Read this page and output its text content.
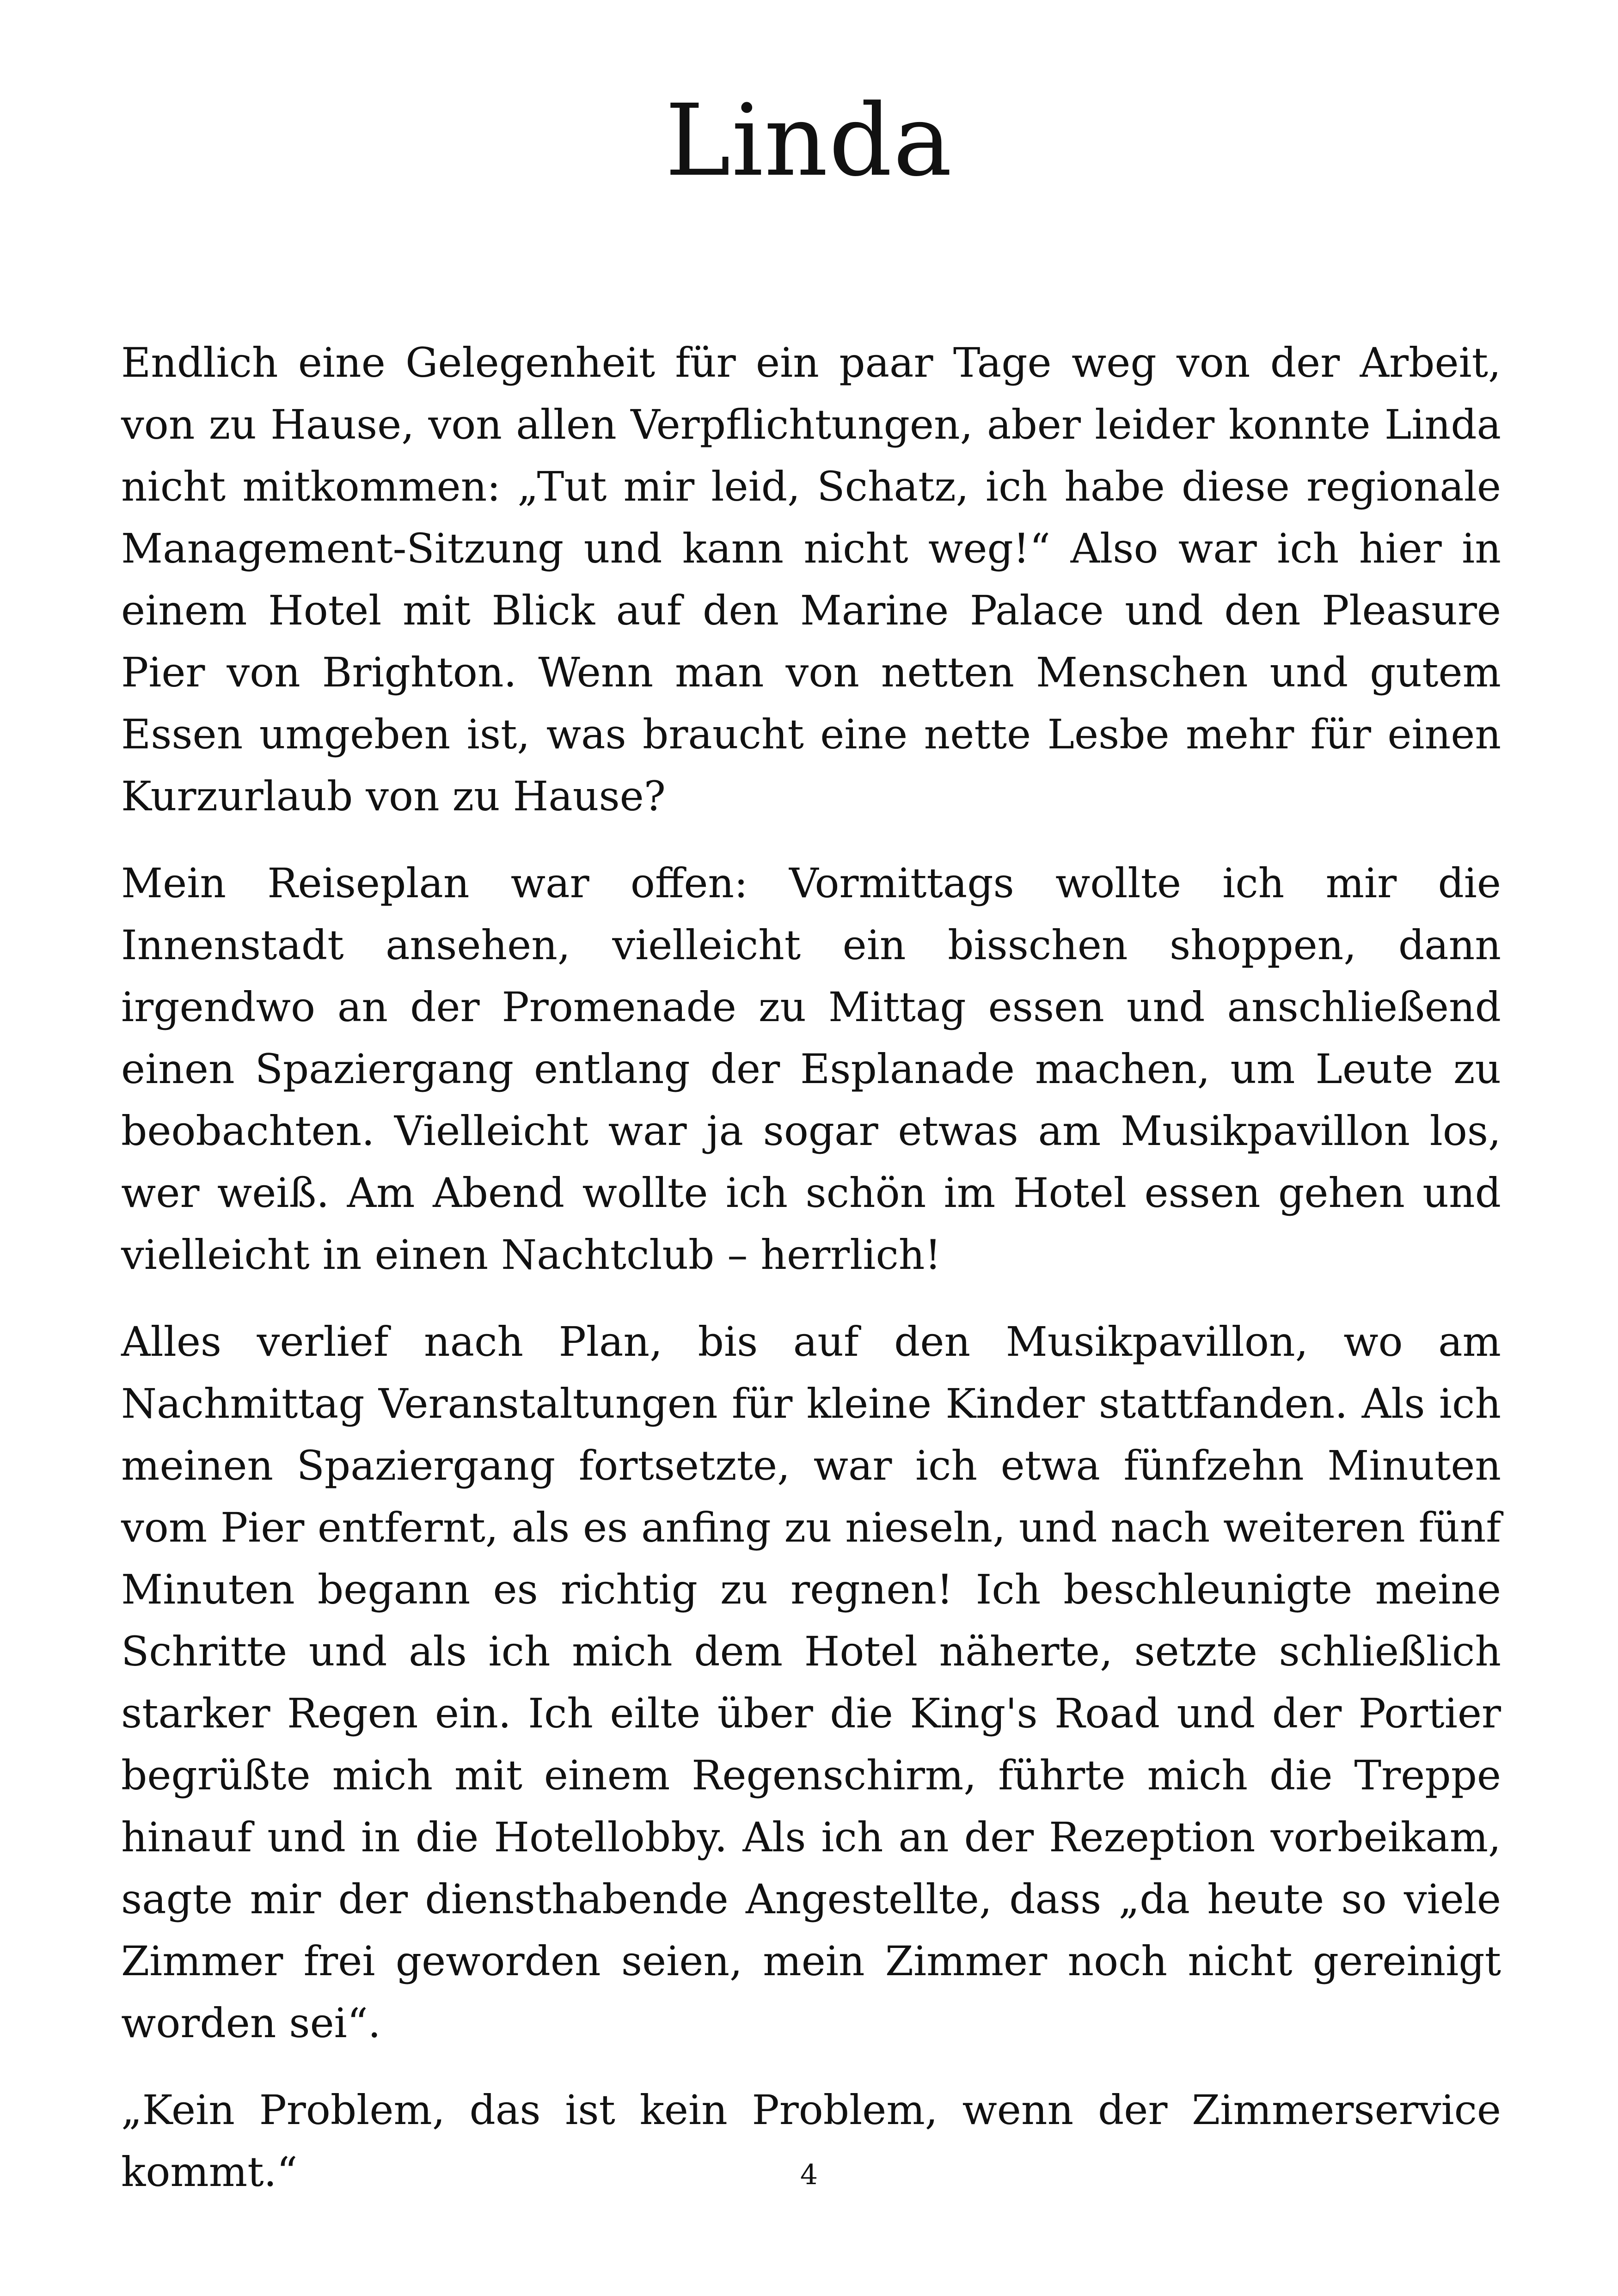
Linda

Endlich eine Gelegenheit für ein paar Tage weg von der Arbeit, von zu Hause, von allen Verpflichtungen, aber leider konnte Linda nicht mitkommen: „Tut mir leid, Schatz, ich habe diese regionale Management-Sitzung und kann nicht weg!“ Also war ich hier in einem Hotel mit Blick auf den Marine Palace und den Pleasure Pier von Brighton. Wenn man von netten Menschen und gutem Essen umgeben ist, was braucht eine nette Lesbe mehr für einen Kurzurlaub von zu Hause?

Mein Reiseplan war offen: Vormittags wollte ich mir die Innenstadt ansehen, vielleicht ein bisschen shoppen, dann irgendwo an der Promenade zu Mittag essen und anschließend einen Spaziergang entlang der Esplanade machen, um Leute zu beobachten. Vielleicht war ja sogar etwas am Musikpavillon los, wer weiß. Am Abend wollte ich schön im Hotel essen gehen und vielleicht in einen Nachtclub – herrlich!

Alles verlief nach Plan, bis auf den Musikpavillon, wo am Nachmittag Veranstaltungen für kleine Kinder stattfanden. Als ich meinen Spaziergang fortsetzte, war ich etwa fünfzehn Minuten vom Pier entfernt, als es anfing zu nieseln, und nach weiteren fünf Minuten begann es richtig zu regnen! Ich beschleunigte meine Schritte und als ich mich dem Hotel näherte, setzte schließlich starker Regen ein. Ich eilte über die King's Road und der Portier begrüßte mich mit einem Regenschirm, führte mich die Treppe hinauf und in die Hotellobby. Als ich an der Rezeption vorbeikam, sagte mir der diensthabende Angestellte, dass „da heute so viele Zimmer frei geworden seien, mein Zimmer noch nicht gereinigt worden sei“.

„Kein Problem, das ist kein Problem, wenn der Zimmerservice kommt.“	4
